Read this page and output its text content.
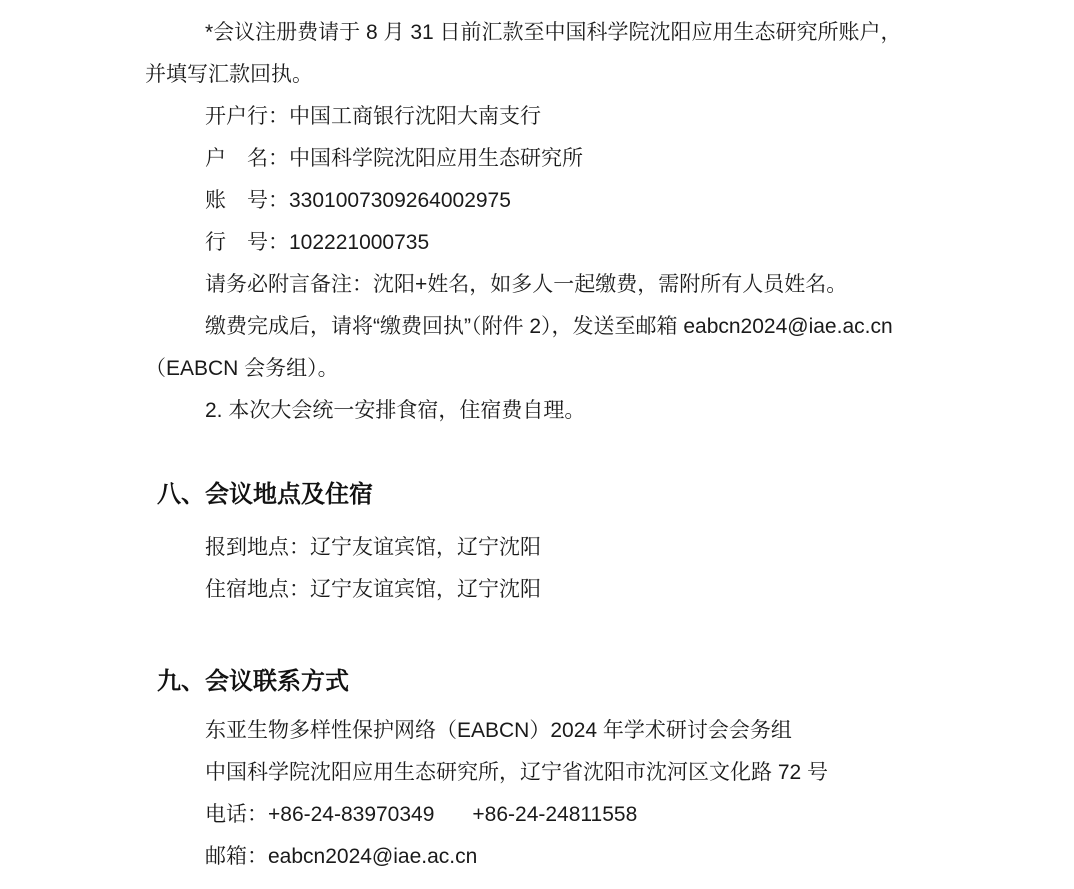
*会议注册费请于 8 月 31 日前汇款至中国科学院沈阳应用生态研究所账户，

并填写汇款回执。

开户行：中国工商银行沈阳大南支行

户　名：中国科学院沈阳应用生态研究所

账　号：3301007309264002975

行　号：102221000735

请务必附言备注：沈阳+姓名，如多人一起缴费，需附所有人员姓名。

缴费完成后，请将“缴费回执”（附件 2），发送至邮箱 eabcn2024@iae.ac.cn

（EABCN 会务组）。

2. 本次大会统一安排食宿，住宿费自理。

八、会议地点及住宿

报到地点：辽宁友谊宾馆，辽宁沈阳

住宿地点：辽宁友谊宾馆，辽宁沈阳

九、会议联系方式

东亚生物多样性保护网络（EABCN）2024 年学术研讨会会务组

中国科学院沈阳应用生态研究所，辽宁省沈阳市沈河区文化路 72 号

电话：+86-24-83970349 +86-24-24811558

邮箱：eabcn2024@iae.ac.cn
